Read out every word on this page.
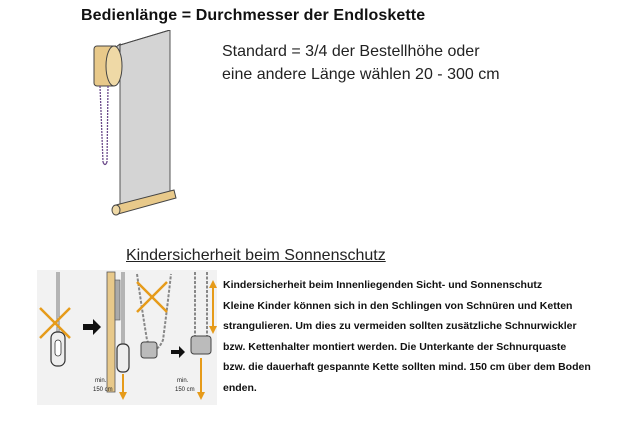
Bedienlänge = Durchmesser der Endloskette
Standard = 3/4 der Bestellhöhe oder
eine andere Länge wählen 20 - 300 cm
Kindersicherheit beim Sonnenschutz
min.
150 cm
min.
150 cm
Kindersicherheit beim Innenliegenden Sicht- und Sonnenschutz
Kleine Kinder können sich in den Schlingen von Schnüren und Ketten
strangulieren. Um dies zu vermeiden sollten zusätzliche Schnurwickler
bzw. Kettenhalter montiert werden. Die Unterkante der Schnurquaste
bzw. die dauerhaft gespannte Kette sollten mind. 150 cm über dem Boden
enden.
